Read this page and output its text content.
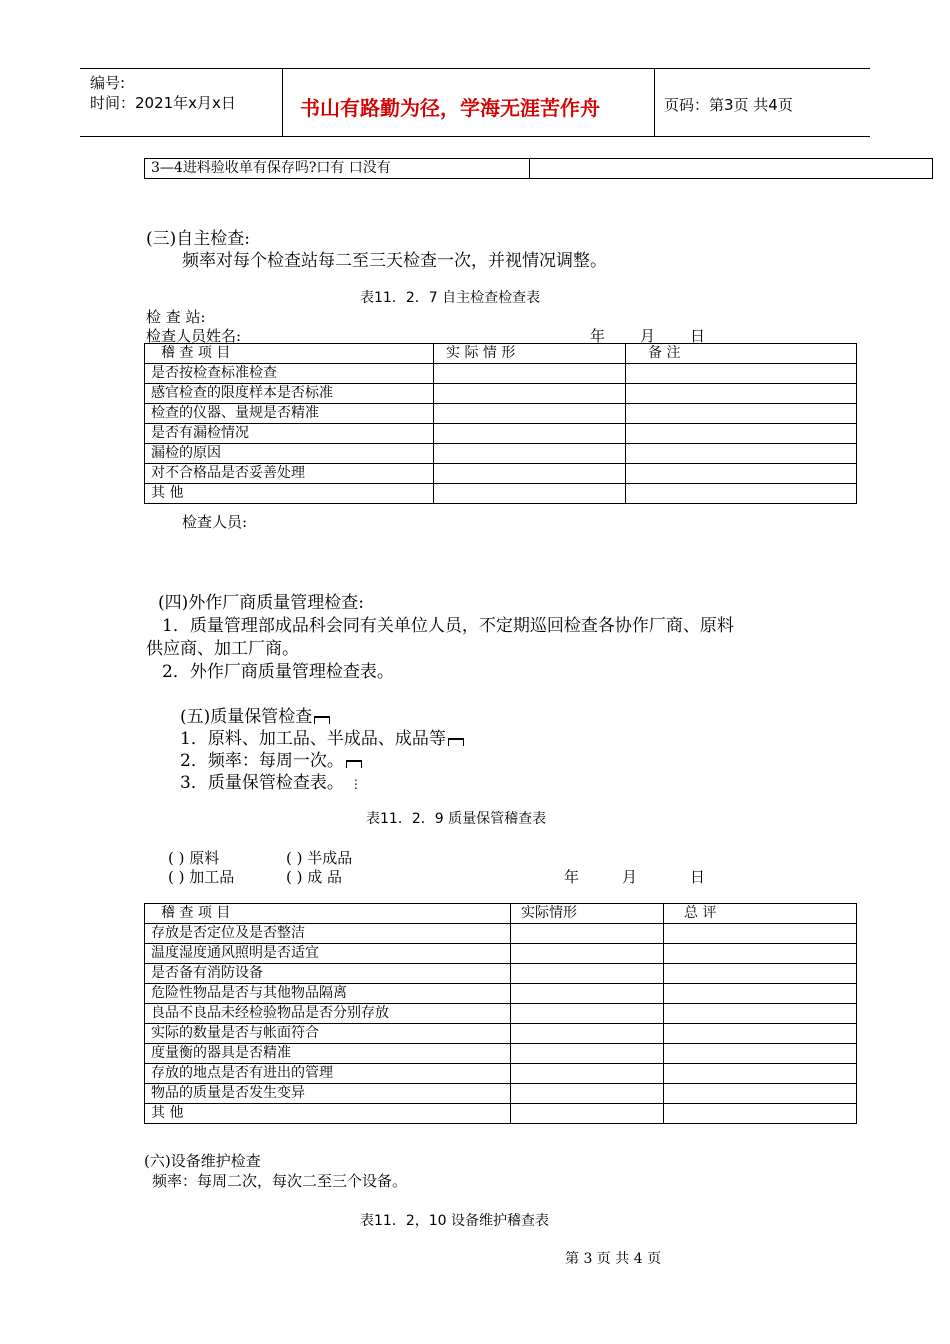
编号:
时间：2021年x月x日	书山有路勤为径，学海无涯苦作舟	页码：第3页 共4页
3—4进料验收单有保存吗?口有 口没有	
(三)自主检查:
频率对每个检查站每二至三天检查一次，并视情况调整。
表11．2．7 自主检查检查表
检 查 站:
检查人员姓名:	年 月 日
稽 查 项 目	实 际 情 形	备 注
是否按检查标准检查		
感官检查的限度样本是否标准		
检查的仪器、量规是否精准		
是否有漏检情况		
漏检的原因		
对不合格品是否妥善处理		
其 他		
检查人员:
(四)外作厂商质量管理检查:
1．质量管理部成品科会同有关单位人员，不定期巡回检查各协作厂商、原料
供应商、加工厂商。
2．外作厂商质量管理检查表。
(五)质量保管检查
1．原料、加工品、半成品、成品等
2．频率：每周一次。
3．质量保管检查表。 ⋮
表11．2．9 质量保管稽查表
( ) 原料	( ) 半成品
( ) 加工品	( ) 成 品	年	月	日
稽 查 项 目	实际情形	总 评
存放是否定位及是否整洁		
温度湿度通风照明是否适宜		
是否备有消防设备		
危险性物品是否与其他物品隔离		
良品不良品未经检验物品是否分别存放		
实际的数量是否与帐面符合		
度量衡的器具是否精准		
存放的地点是否有进出的管理		
物品的质量是否发生变异		
其 他		
(六)设备维护检查
频率：每周二次，每次二至三个设备。
表11．2，10 设备维护稽查表
第 3 页 共 4 页
